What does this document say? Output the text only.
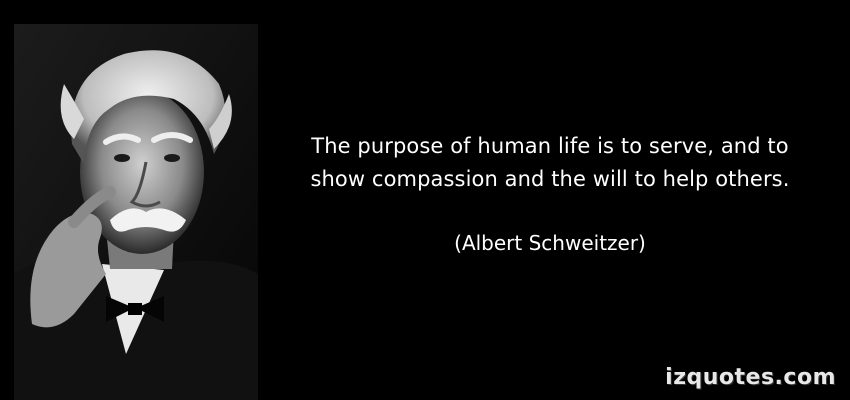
The purpose of human life is to serve, and to
show compassion and the will to help others.
(Albert Schweitzer)
izquotes.com
